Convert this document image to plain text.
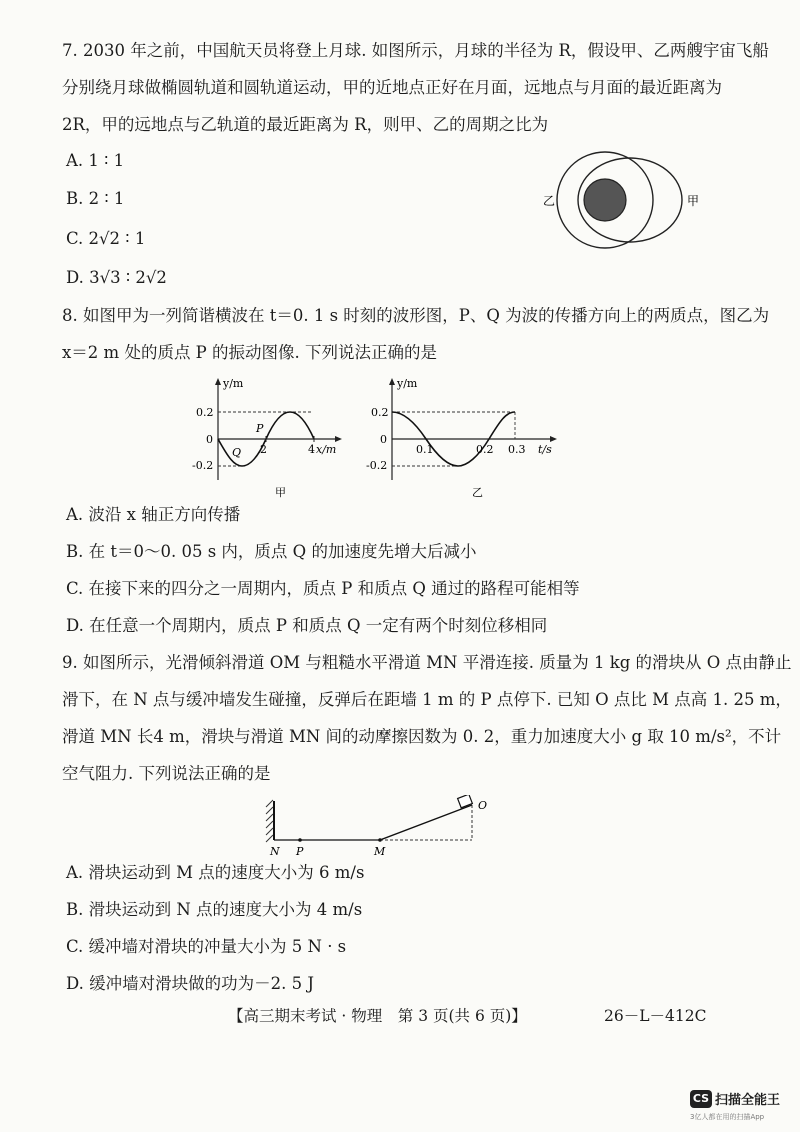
7. 2030 年之前，中国航天员将登上月球. 如图所示，月球的半径为 R，假设甲、乙两艘宇宙飞船
分别绕月球做椭圆轨道和圆轨道运动，甲的近地点正好在月面，远地点与月面的最近距离为
2R，甲的远地点与乙轨道的最近距离为 R，则甲、乙的周期之比为
A. 1 ∶ 1
B. 2 ∶ 1
C. 2√2 ∶ 1
D. 3√3 ∶ 2√2
乙	甲
8. 如图甲为一列简谐横波在 t＝0. 1 s 时刻的波形图，P、Q 为波的传播方向上的两质点，图乙为
x＝2 m 处的质点 P 的振动图像. 下列说法正确的是
y/m
0.2
0
-0.2
2	4 x/m
P
Q
甲
y/m
0.2
0
-0.2
0.1	0.2 0.3 t/s
乙
A. 波沿 x 轴正方向传播
B. 在 t＝0～0. 05 s 内，质点 Q 的加速度先增大后减小
C. 在接下来的四分之一周期内，质点 P 和质点 Q 通过的路程可能相等
D. 在任意一个周期内，质点 P 和质点 Q 一定有两个时刻位移相同
9. 如图所示，光滑倾斜滑道 OM 与粗糙水平滑道 MN 平滑连接. 质量为 1 kg 的滑块从 O 点由静止
滑下，在 N 点与缓冲墙发生碰撞，反弹后在距墙 1 m 的 P 点停下. 已知 O 点比 M 点高 1. 25 m，
滑道 MN 长4 m，滑块与滑道 MN 间的动摩擦因数为 0. 2，重力加速度大小 g 取 10 m/s²，不计
空气阻力. 下列说法正确的是
N P	M
O
A. 滑块运动到 M 点的速度大小为 6 m/s
B. 滑块运动到 N 点的速度大小为 4 m/s
C. 缓冲墙对滑块的冲量大小为 5 N · s
D. 缓冲墙对滑块做的功为－2. 5 J
【高三期末考试 · 物理　第 3 页(共 6 页)】	26－L－412C
CS 扫描全能王
3亿人都在用的扫描App
